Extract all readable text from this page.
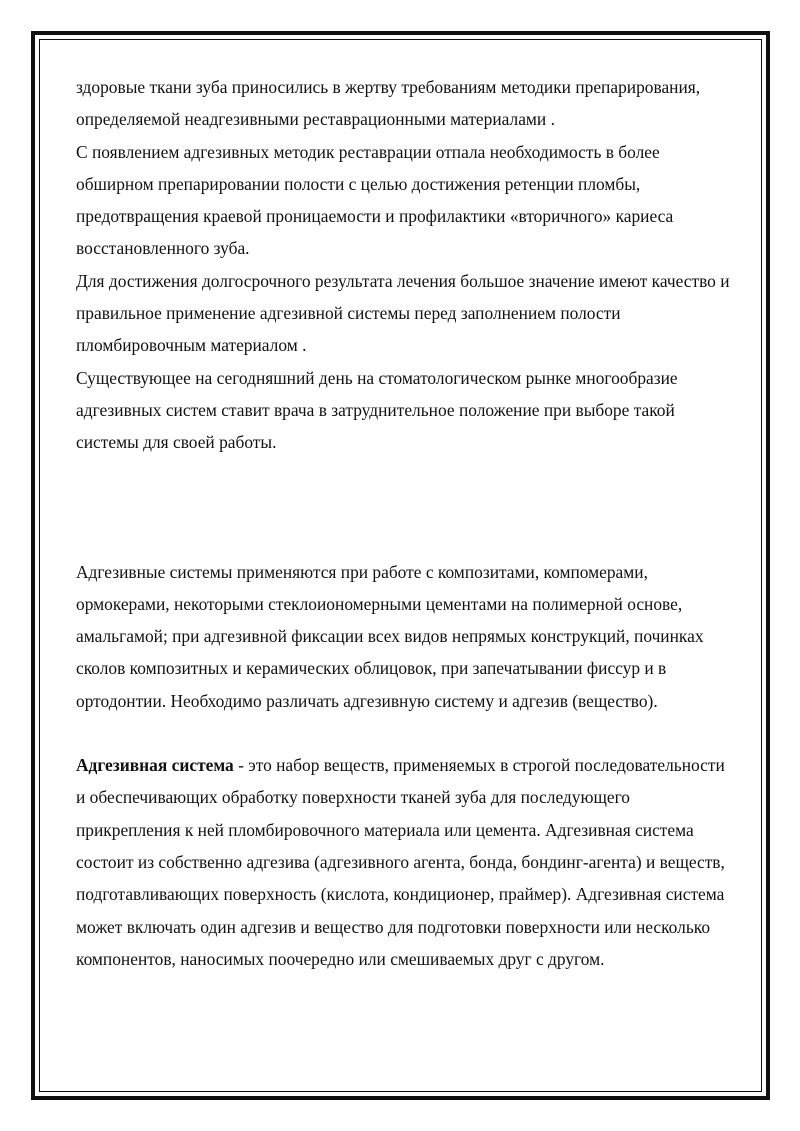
здоровые ткани зуба приносились в жертву требованиям методики препарирования, определяемой неадгезивными реставрационными материалами .

С появлением адгезивных методик реставрации отпала необходимость в более обширном препарировании полости с целью достижения ретенции пломбы, предотвращения краевой проницаемости и профилактики «вторичного» кариеса восстановленного зуба.

Для достижения долгосрочного результата лечения большое значение имеют качество и правильное применение адгезивной системы перед заполнением полости пломбировочным материалом .

Существующее на сегодняшний день на стоматологическом рынке многообразие адгезивных систем ставит врача в затруднительное положение при выборе такой системы для своей работы.

Адгезивные системы применяются при работе с композитами, компомерами, ормокерами, некоторыми стеклоиономерными цементами на полимерной основе, амальгамой; при адгезивной фиксации всех видов непрямых конструкций, починках сколов композитных и керамических облицовок, при запечатывании фиссур и в ортодонтии. Необходимо различать адгезивную систему и адгезив (вещество).

Адгезивная система - это набор веществ, применяемых в строгой последовательности и обеспечивающих обработку поверхности тканей зуба для последующего прикрепления к ней пломбировочного материала или цемента. Адгезивная система состоит из собственно адгезива (адгезивного агента, бонда, бондинг-агента) и веществ, подготавливающих поверхность (кислота, кондиционер, праймер). Адгезивная система может включать один адгезив и вещество для подготовки поверхности или несколько компонентов, наносимых поочередно или смешиваемых друг с другом.
